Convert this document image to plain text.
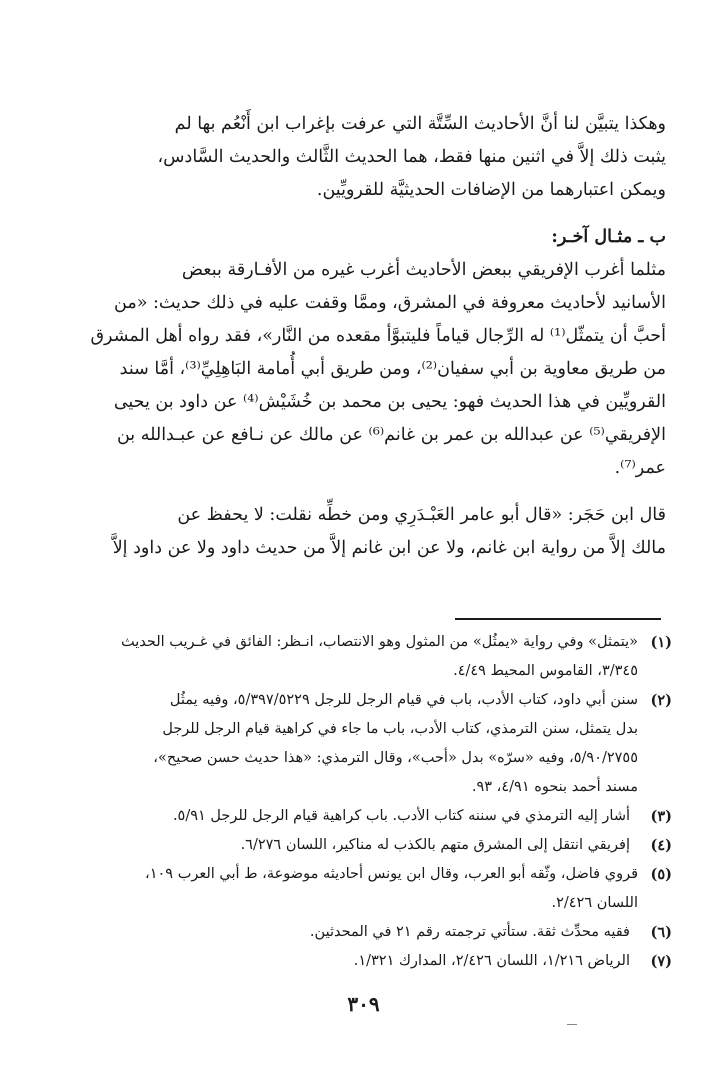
وهكذا يتبيَّن لنا أنَّ الأحاديث السِّتَّة التي عرفت بإغراب ابن أَنْعُم بها لم
يثبت ذلك إلاَّ في اثنين منها فقط، هما الحديث الثَّالث والحديث السَّادس،
ويمكن اعتبارهما من الإضافات الحديثيَّة للقرويِّين.
ب ـ مثـال آخـر:
مثلما أغرب الإفريقي ببعض الأحاديث أغرب غيره من الأفـارقة ببعض
الأسانيد لأحاديث معروفة في المشرق، وممَّا وقفت عليه في ذلك حديث: «من
أحبَّ أن يتمثّل⁽¹⁾ له الرِّجال قياماً فليتبوَّأ مقعده من النَّار»، فقد رواه أهل المشرق
من طريق معاوية بن أبي سفيان⁽²⁾، ومن طريق أبي أُمامة البَاهِلِيِّ⁽³⁾، أمَّا سند
القرويِّين في هذا الحديث فهو: يحيى بن محمد بن خُشَيْش⁽⁴⁾ عن داود بن يحيى
الإفريقي⁽⁵⁾ عن عبدالله بن عمر بن غانم⁽⁶⁾ عن مالك عن نـافع عن عبـدالله بن
عمر⁽⁷⁾.
قال ابن حَجَر: «قال أبو عامر العَبْـدَرِي ومن خطِّه نقلت: لا يحفظ عن
مالك إلاَّ من رواية ابن غانم، ولا عن ابن غانم إلاَّ من حديث داود ولا عن داود إلاَّ
(١)
«يتمثل» وفي رواية «يمثُل» من المثول وهو الانتصاب، انـظر: الفائق في غـريب الحديث
٣/٣٤٥، القاموس المحيط ٤/٤٩.
(٢)
سنن أبي داود، كتاب الأدب، باب في قيام الرجل للرجل ٥/٣٩٧/٥٢٢٩، وفيه يمثُل
بدل يتمثل، سنن الترمذي، كتاب الأدب، باب ما جاء في كراهية قيام الرجل للرجل
٥/٩٠/٢٧٥٥، وفيه «سرّه» بدل «أحب»، وقال الترمذي: «هذا حديث حسن صحيح»،
مسند أحمد بنحوه ٤/٩١، ٩٣.
(٣)
أشار إليه الترمذي في سننه كتاب الأدب. باب كراهية قيام الرجل للرجل ٥/٩١.
(٤)
إفريقي انتقل إلى المشرق متهم بالكذب له مناكير، اللسان ٦/٢٧٦.
(٥)
قروي فاضل، وثّقه أبو العرب، وقال ابن يونس أحاديثه موضوعة، ط أبي العرب ١٠٩،
اللسان ٢/٤٢٦.
(٦)
فقيه محدِّث ثقة. ستأتي ترجمته رقم ٢١ في المحدثين.
(٧)
الرياض ١/٢١٦، اللسان ٢/٤٢٦، المدارك ١/٣٢١.
٣٠٩
